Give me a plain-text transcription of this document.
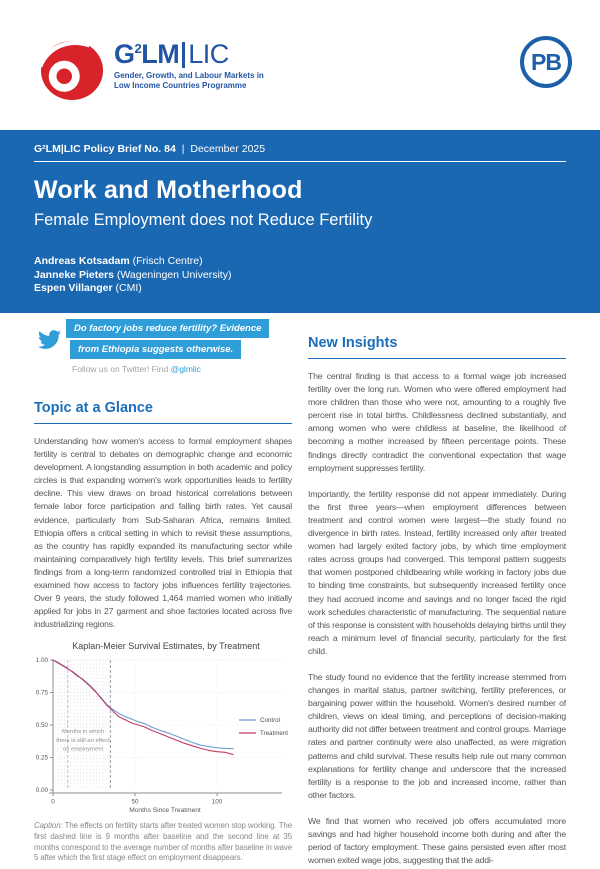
$G^2$ LM LIC
Gender, Growth, and Labour Markets in
Low Income Countries Programme
PB
G²LM|LIC Policy Brief No. 84 | December 2025
Work and Motherhood
Female Employment does not Reduce Fertility
Andreas Kotsadam (Frisch Centre)
Janneke Pieters (Wageningen University)
Espen Villanger (CMI)
Do factory jobs reduce fertility? Evidence
from Ethiopia suggests otherwise.
Follow us on Twitter! Find @glmlic
Topic at a Glance

Understanding how women's access to formal employment shapes fertility is central to debates on demographic change and economic development. A longstanding assumption in both academic and policy circles is that expanding women's work opportunities leads to fertility decline. This view draws on broad historical correlations between female labor force participation and falling birth rates. Yet causal evidence, particularly from Sub-Saharan Africa, remains limited. Ethiopia offers a critical setting in which to revisit these assumptions, as the country has rapidly expanded its manufacturing sector while maintaining comparatively high fertility levels. This brief summarizes findings from a long-term randomized controlled trial in Ethiopia that examined how access to factory jobs influences fertility trajectories. Over 9 years, the study followed 1,464 married women who initially applied for jobs in 27 garment and shoe factories located across five industrializing regions.

Kaplan-Meier Survival Estimates, by Treatment
1.00
0.75
0.50
0.25
0.00
0	50	100
Months Since Treatment
Months in which
there is still an effect
on employment
Control
Treatment
Caption: The effects on fertility starts after treated women stop working. The first dashed line is 9 months after baseline and the second line at 35 months correspond to the average number of months after baseline in wave 5 after which the first stage effect on employment disappears.
New Insights

The central finding is that access to a formal wage job increased fertility over the long run. Women who were offered employment had more children than those who were not, amounting to a roughly five percent rise in total births. Childlessness declined substantially, and among women who were childless at baseline, the likelihood of becoming a mother increased by fifteen percentage points. These findings directly contradict the conventional expectation that wage employment suppresses fertility.

Importantly, the fertility response did not appear immediately. During the first three years—when employment differences between treatment and control women were largest—the study found no divergence in birth rates. Instead, fertility increased only after treated women had largely exited factory jobs, by which time employment rates across groups had converged. This temporal pattern suggests that women postponed childbearing while working in factory jobs due to binding time constraints, but subsequently increased fertility once they had accrued income and savings and no longer faced the rigid work schedules characteristic of manufacturing. The sequential nature of this response is consistent with households delaying births until they reach a minimum level of financial security, particularly for the first child.

The study found no evidence that the fertility increase stemmed from changes in marital status, partner switching, fertility preferences, or bargaining power within the household. Women's desired number of children, views on ideal timing, and perceptions of decision-making authority did not differ between treatment and control groups. Marriage rates and partner continuity were also unaffected, as were migration patterns and child survival. These results help rule out many common explanations for fertility change and underscore that the increased fertility is a response to the job and increased income, rather than other factors.

We find that women who received job offers accumulated more savings and had higher household income both during and after the period of factory employment. These gains persisted even after most women exited wage jobs, suggesting that the addi-
